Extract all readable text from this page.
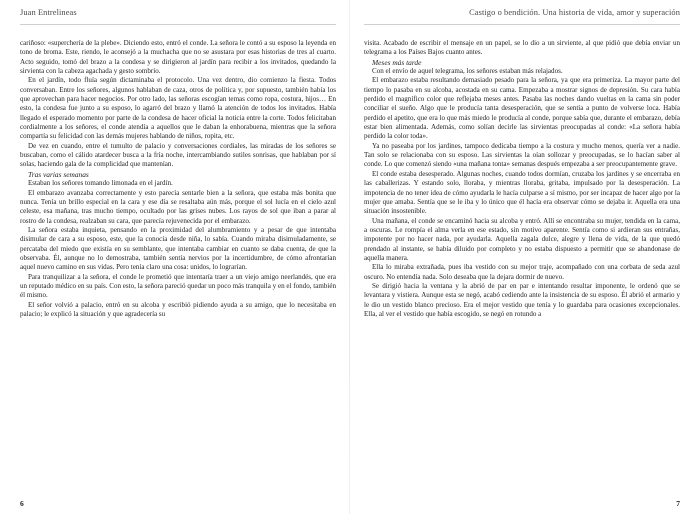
Juan Entrelineas

cariñoso: «superchería de la plebe». Diciendo esto, entró el conde. La señora le contó a su esposo la leyenda en tono de broma. Este, riendo, le aconsejó a la muchacha que no se asustara por esas historias de tres al cuarto. Acto seguido, tomó del brazo a la condesa y se dirigieron al jardín para recibir a los invitados, quedando la sirvienta con la cabeza agachada y gesto sombrío.

En el jardín, todo fluía según dictaminaba el protocolo. Una vez dentro, dio comienzo la fiesta. Todos conversaban. Entre los señores, algunos hablaban de caza, otros de política y, por supuesto, también había los que aprovechan para hacer negocios. Por otro lado, las señoras escogían temas como ropa, costura, hijos… En esto, la condesa fue junto a su esposo, lo agarró del brazo y llamó la atención de todos los invitados. Había llegado el esperado momento por parte de la condesa de hacer oficial la noticia entre la corte. Todos felicitaban cordialmente a los señores, el conde atendía a aquellos que le daban la enhorabuena, mientras que la señora compartía su felicidad con las demás mujeres hablando de niños, ropita, etc.

De vez en cuando, entre el tumulto de palacio y conversaciones cordiales, las miradas de los señores se buscaban, como el cálido atardecer busca a la fría noche, intercambiando sutiles sonrisas, que hablaban por sí solas, haciendo gala de la complicidad que mantenían.

Tras varias semanas

Estaban los señores tomando limonada en el jardín.

El embarazo avanzaba correctamente y esto parecía sentarle bien a la señora, que estaba más bonita que nunca. Tenía un brillo especial en la cara y ese día se resaltaba aún más, porque el sol lucía en el cielo azul celeste, esa mañana, tras mucho tiempo, ocultado por las grises nubes. Los rayos de sol que iban a parar al rostro de la condesa, realzaban su cara, que parecía rejuvenecida por el embarazo.

La señora estaba inquieta, pensando en la proximidad del alumbramiento y a pesar de que intentaba disimular de cara a su esposo, este, que la conocía desde niña, lo sabía. Cuando miraba disimuladamente, se percataba del miedo que existía en su semblante, que intentaba cambiar en cuanto se daba cuenta, de que la observaba. Él, aunque no lo demostraba, también sentía nervios por la incertidumbre, de cómo afrontarían aquel nuevo camino en sus vidas. Pero tenía claro una cosa: unidos, lo lograrían.

Para tranquilizar a la señora, el conde le prometió que intentaría traer a un viejo amigo neerlandés, que era un reputado médico en su país. Con esto, la señora pareció quedar un poco más tranquila y en el fondo, también él mismo.

El señor volvió a palacio, entró en su alcoba y escribió pidiendo ayuda a su amigo, que lo necesitaba en palacio; le explicó la situación y que agradecería su

6
Castigo o bendición. Una historia de vida, amor y superación

visita. Acabado de escribir el mensaje en un papel, se lo dio a un sirviente, al que pidió que debía enviar un telegrama a los Países Bajos cuanto antes.

Meses más tarde

Con el envío de aquel telegrama, los señores estaban más relajados.

El embarazo estaba resultando demasiado pesado para la señora, ya que era primeriza. La mayor parte del tiempo lo pasaba en su alcoba, acostada en su cama. Empezaba a mostrar signos de depresión. Su cara había perdido el magnífico color que reflejaba meses antes. Pasaba las noches dando vueltas en la cama sin poder conciliar el sueño. Algo que le producía tanta desesperación, que se sentía a punto de volverse loca. Había perdido el apetito, que era lo que más miedo le producía al conde, porque sabía que, durante el embarazo, debía estar bien alimentada. Además, como solían decírle las sirvientas preocupadas al conde: «La señora había perdido la color toda».

Ya no paseaba por los jardines, tampoco dedicaba tiempo a la costura y mucho menos, quería ver a nadie. Tan solo se relacionaba con su esposo. Las sirvientas la oían sollozar y preocupadas, se lo hacían saber al conde. Lo que comenzó siendo «una mañana tonta» semanas después empezaba a ser preocupantemente grave.

El conde estaba desesperado. Algunas noches, cuando todos dormían, cruzaba los jardines y se encerraba en las caballerizas. Y estando solo, lloraba, y mientras lloraba, gritaba, impulsado por la desesperación. La impotencia de no tener idea de cómo ayudarla le hacía culparse a sí mismo, por ser incapaz de hacer algo por la mujer que amaba. Sentía que se le iba y lo único que él hacía era observar cómo se dejaba ir. Aquella era una situación insostenible.

Una mañana, el conde se encaminó hacia su alcoba y entró. Allí se encontraba su mujer, tendida en la cama, a oscuras. Le rompía el alma verla en ese estado, sin motivo aparente. Sentía como si ardieran sus entrañas, impotente por no hacer nada, por ayudarla. Aquella zagala dulce, alegre y llena de vida, de la que quedó prendado al instante, se había diluido por completo y no estaba dispuesto a permitir que se abandonase de aquella manera.

Ella lo miraba extrañada, pues iba vestido con su mejor traje, acompañado con una corbata de seda azul oscuro. No entendía nada. Solo deseaba que la dejara dormir de nuevo.

Se dirigió hacia la ventana y la abrió de par en par e intentando resultar imponente, le ordenó que se levantara y vistiera. Aunque esta se negó, acabó cediendo ante la insistencia de su esposo. Él abrió el armario y le dio un vestido blanco precioso. Era el mejor vestido que tenía y lo guardaba para ocasiones excepcionales. Ella, al ver el vestido que había escogido, se negó en rotundo a

7
